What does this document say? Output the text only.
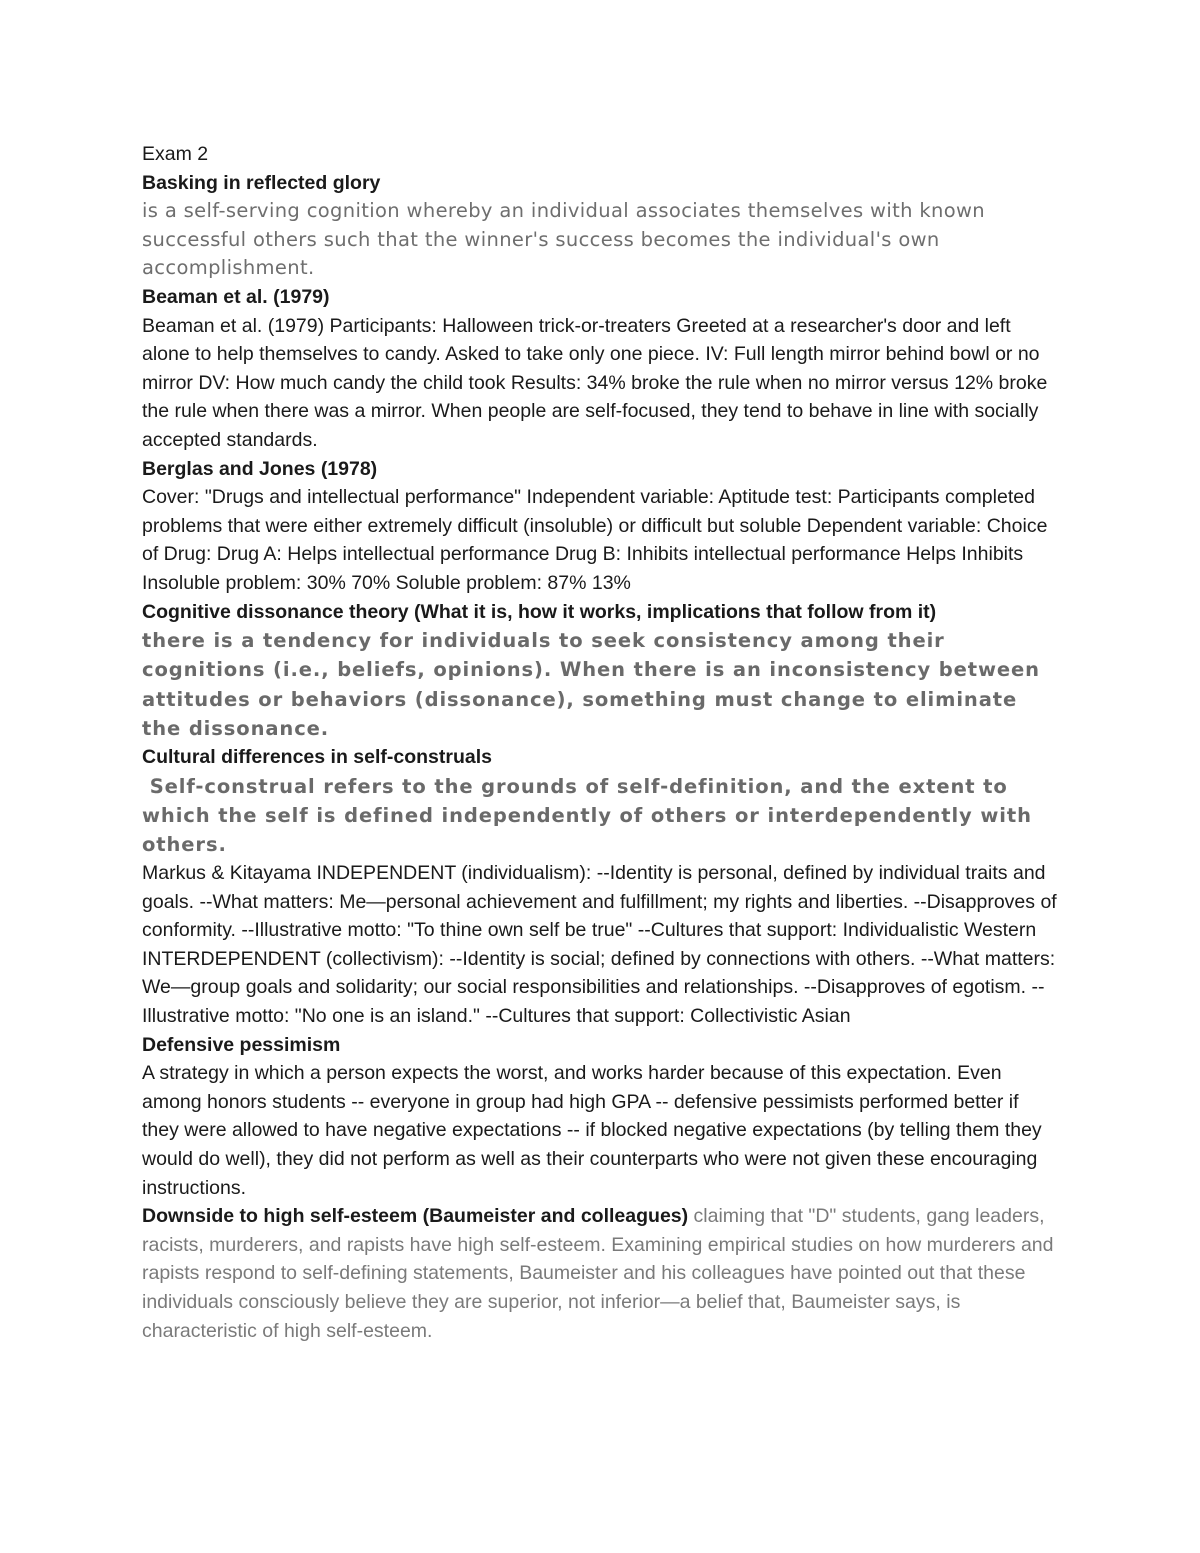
Exam 2

Basking in reflected glory

is a self-serving cognition whereby an individual associates themselves with known successful others such that the winner's success becomes the individual's own accomplishment.

Beaman et al. (1979)

Beaman et al. (1979) Participants: Halloween trick-or-treaters Greeted at a researcher's door and left alone to help themselves to candy. Asked to take only one piece. IV: Full length mirror behind bowl or no mirror DV: How much candy the child took Results: 34% broke the rule when no mirror versus 12% broke the rule when there was a mirror. When people are self-focused, they tend to behave in line with socially accepted standards.

Berglas and Jones (1978)

Cover: "Drugs and intellectual performance" Independent variable: Aptitude test: Participants completed problems that were either extremely difficult (insoluble) or difficult but soluble Dependent variable: Choice of Drug: Drug A: Helps intellectual performance Drug B: Inhibits intellectual performance Helps Inhibits Insoluble problem: 30% 70% Soluble problem: 87% 13%

Cognitive dissonance theory (What it is, how it works, implications that follow from it)

there is a tendency for individuals to seek consistency among their cognitions (i.e., beliefs, opinions). When there is an inconsistency between attitudes or behaviors (dissonance), something must change to eliminate the dissonance.

Cultural differences in self-construals

Self-construal refers to the grounds of self-definition, and the extent to which the self is defined independently of others or interdependently with others.

Markus & Kitayama INDEPENDENT (individualism): --Identity is personal, defined by individual traits and goals. --What matters: Me—personal achievement and fulfillment; my rights and liberties. --Disapproves of conformity. --Illustrative motto: "To thine own self be true" --Cultures that support: Individualistic Western INTERDEPENDENT (collectivism): --Identity is social; defined by connections with others. --What matters: We—group goals and solidarity; our social responsibilities and relationships. --Disapproves of egotism. --Illustrative motto: "No one is an island." --Cultures that support: Collectivistic Asian

Defensive pessimism

A strategy in which a person expects the worst, and works harder because of this expectation. Even among honors students -- everyone in group had high GPA -- defensive pessimists performed better if they were allowed to have negative expectations -- if blocked negative expectations (by telling them they would do well), they did not perform as well as their counterparts who were not given these encouraging instructions.

Downside to high self-esteem (Baumeister and colleagues) claiming that "D" students, gang leaders, racists, murderers, and rapists have high self-esteem. Examining empirical studies on how murderers and rapists respond to self-defining statements, Baumeister and his colleagues have pointed out that these individuals consciously believe they are superior, not inferior—a belief that, Baumeister says, is characteristic of high self-esteem.
